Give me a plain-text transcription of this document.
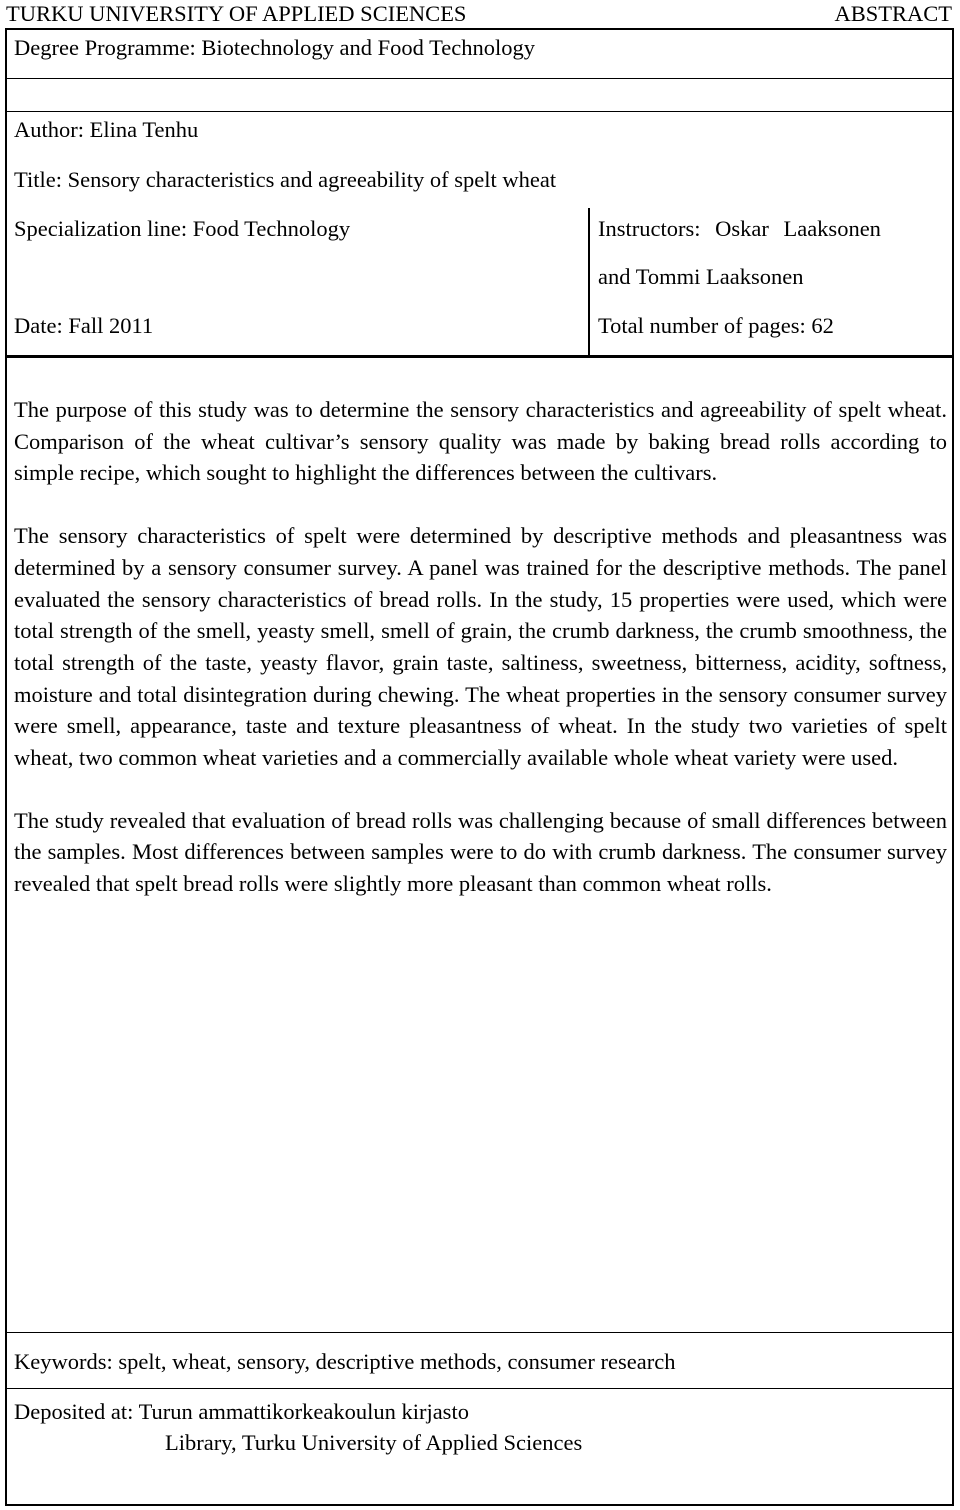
TURKU UNIVERSITY OF APPLIED SCIENCES	ABSTRACT
Degree Programme: Biotechnology and Food Technology
Author: Elina Tenhu
Title: Sensory characteristics and agreeability of spelt wheat
Specialization line: Food Technology	Instructors: Oskar Laaksonen
and Tommi Laaksonen
Date: Fall 2011	Total number of pages: 62

The purpose of this study was to determine the sensory characteristics and agreeability of spelt wheat. Comparison of the wheat cultivar’s sensory quality was made by baking bread rolls according to simple recipe, which sought to highlight the differences between the cultivars.

The sensory characteristics of spelt were determined by descriptive methods and pleasantness was determined by a sensory consumer survey. A panel was trained for the descriptive methods. The panel evaluated the sensory characteristics of bread rolls. In the study, 15 properties were used, which were total strength of the smell, yeasty smell, smell of grain, the crumb darkness, the crumb smoothness, the total strength of the taste, yeasty flavor, grain taste, saltiness, sweetness, bitterness, acidity, softness, moisture and total disintegration during chewing. The wheat properties in the sensory consumer survey were smell, appearance, taste and texture pleasantness of wheat. In the study two varieties of spelt wheat, two common wheat varieties and a commercially available whole wheat variety were used.

The study revealed that evaluation of bread rolls was challenging because of small differences between the samples. Most differences between samples were to do with crumb darkness. The consumer survey revealed that spelt bread rolls were slightly more pleasant than common wheat rolls.

Keywords: spelt, wheat, sensory, descriptive methods, consumer research
Deposited at: Turun ammattikorkeakoulun kirjasto
Library, Turku University of Applied Sciences
